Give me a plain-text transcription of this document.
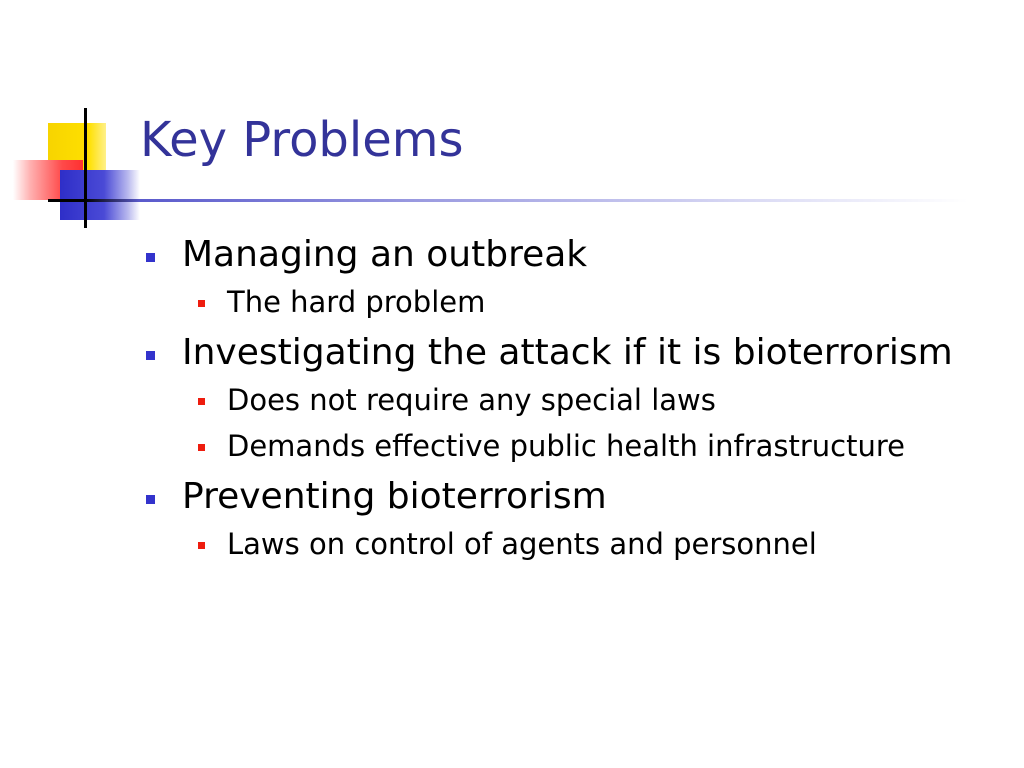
Key Problems
Managing an outbreak
The hard problem
Investigating the attack if it is bioterrorism
Does not require any special laws
Demands effective public health infrastructure
Preventing bioterrorism
Laws on control of agents and personnel
